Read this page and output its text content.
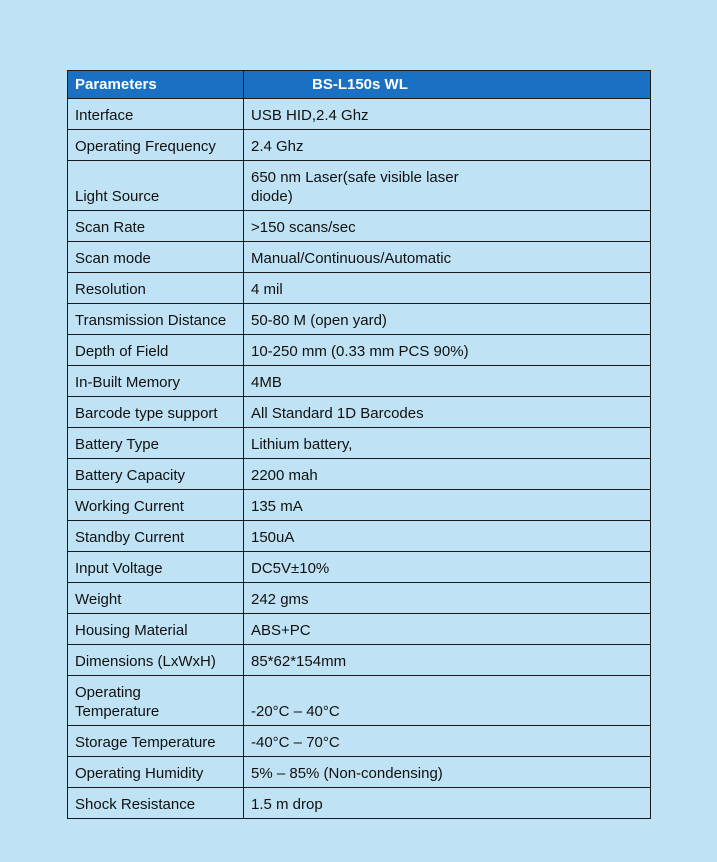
Parameters	BS-L150s WL
Interface	USB HID,2.4 Ghz
Operating Frequency	2.4 Ghz
Light Source	650 nm Laser(safe visible laser
diode)

Scan Rate	>150 scans/sec
Scan mode	Manual/Continuous/Automatic
Resolution	4 mil
Transmission Distance	50-80 M (open yard)
Depth of Field	10-250 mm (0.33 mm PCS 90%)
In-Built Memory	4MB
Barcode type support	All Standard 1D Barcodes
Battery Type	Lithium battery,
Battery Capacity	2200 mah
Working Current	135 mA
Standby Current	150uA
Input Voltage	DC5V±10%
Weight	242 gms
Housing Material	ABS+PC
Dimensions (LxWxH)	85*62*154mm

Operating
Temperature	-20°C – 40°C
Storage Temperature	-40°C – 70°C
Operating Humidity	5% – 85% (Non-condensing)
Shock Resistance	1.5 m drop
